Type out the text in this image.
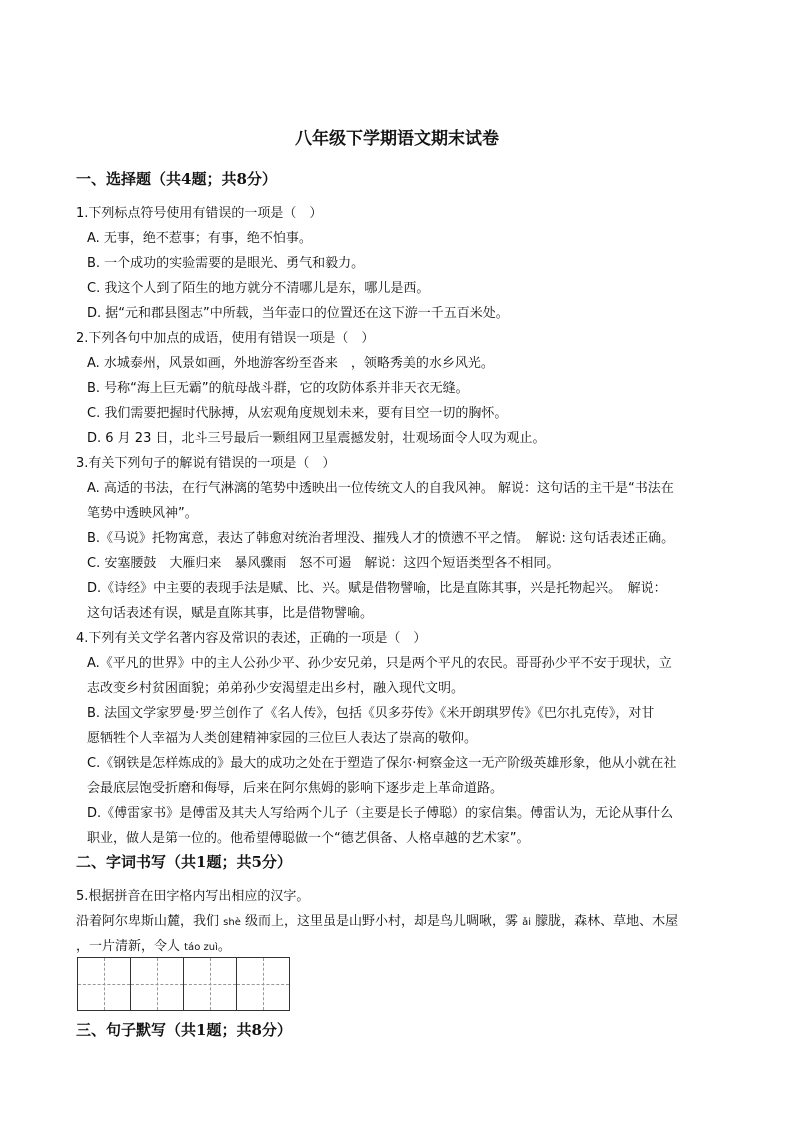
八年级下学期语文期末试卷
一、选择题（共4题；共8分）
1.下列标点符号使用有错误的一项是（　）
A. 无事，绝不惹事；有事，绝不怕事。
B. 一个成功的实验需要的是眼光、勇气和毅力。
C. 我这个人到了陌生的地方就分不清哪儿是东，哪儿是西。
D. 据“元和郡县图志”中所载，当年壶口的位置还在这下游一千五百米处。
2.下列各句中加点的成语，使用有错误一项是（　）
A. 水城泰州，风景如画，外地游客纷至沓来　，领略秀美的水乡风光。
B. 号称“海上巨无霸”的航母战斗群，它的攻防体系并非天衣无缝。
C. 我们需要把握时代脉搏，从宏观角度规划未来，要有目空一切的胸怀。
D. 6 月 23 日，北斗三号最后一颗组网卫星震撼发射，壮观场面令人叹为观止。
3.有关下列句子的解说有错误的一项是（　）
A. 高适的书法，在行气淋漓的笔势中透映出一位传统文人的自我风神。 解说：这句话的主干是“书法在
笔势中透映风神”。
B.《马说》托物寓意，表达了韩愈对统治者埋没、摧残人才的愤懑不平之情。　解说: 这句话表述正确。
C. 安塞腰鼓　大雁归来　暴风骤雨　怒不可遏　解说：这四个短语类型各不相同。
D.《诗经》中主要的表现手法是赋、比、兴。赋是借物譬喻，比是直陈其事，兴是托物起兴。　解说：
这句话表述有误，赋是直陈其事，比是借物譬喻。
4.下列有关文学名著内容及常识的表述，正确的一项是（　）
A.《平凡的世界》中的主人公孙少平、孙少安兄弟，只是两个平凡的农民。哥哥孙少平不安于现状，立
志改变乡村贫困面貌；弟弟孙少安渴望走出乡村，融入现代文明。
B. 法国文学家罗曼·罗兰创作了《名人传》，包括《贝多芬传》《米开朗琪罗传》《巴尔扎克传》，对甘
愿牺牲个人幸福为人类创建精神家园的三位巨人表达了崇高的敬仰。
C.《钢铁是怎样炼成的》最大的成功之处在于塑造了保尔·柯察金这一无产阶级英雄形象，他从小就在社
会最底层饱受折磨和侮辱，后来在阿尔焦姆的影响下逐步走上革命道路。
D.《傅雷家书》是傅雷及其夫人写给两个儿子（主要是长子傅聪）的家信集。傅雷认为，无论从事什么
职业，做人是第一位的。他希望傅聪做一个“德艺俱备、人格卓越的艺术家”。
二、字词书写（共1题；共5分）
5.根据拼音在田字格内写出相应的汉字。
沿着阿尔卑斯山麓，我们 shè 级而上，这里虽是山野小村，却是鸟儿啁啾，雾 ǎi 朦胧，森林、草地、木屋
，一片清新，令人 táo zuì。
三、句子默写（共1题；共8分）
